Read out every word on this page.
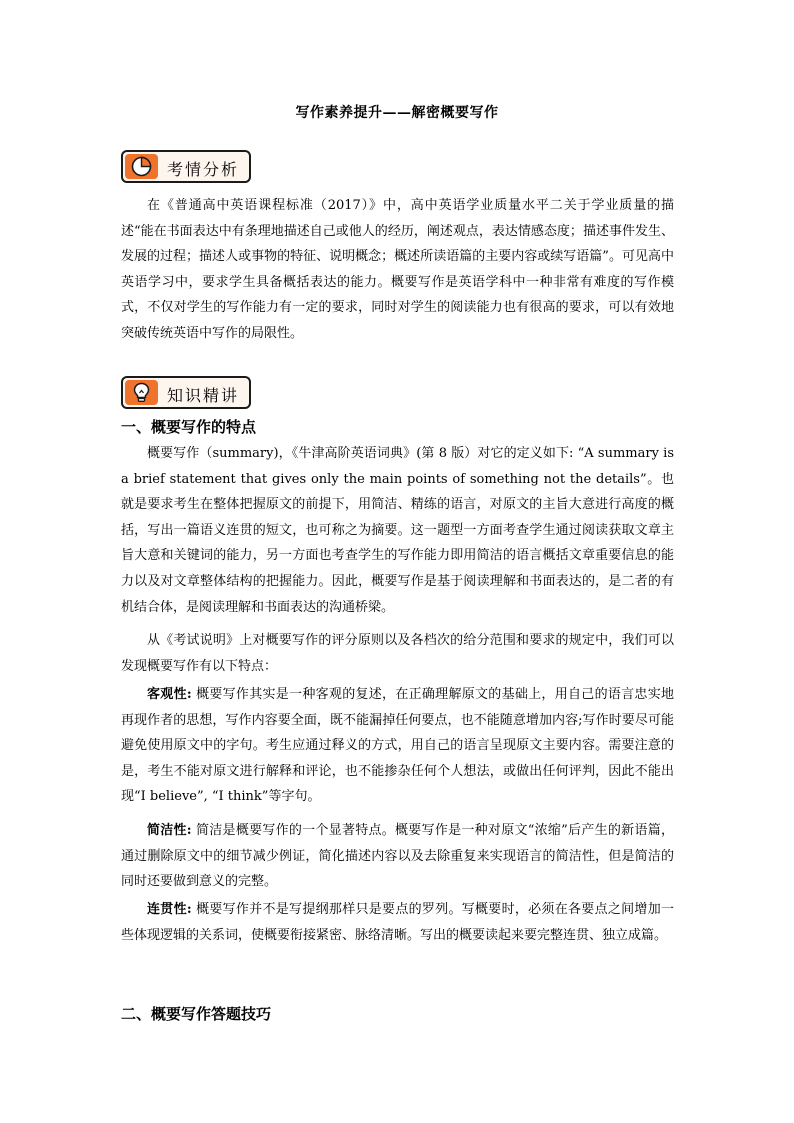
写作素养提升——解密概要写作
考情分析

在《普通高中英语课程标准（2017）》中，高中英语学业质量水平二关于学业质量的描述“能在书面表达中有条理地描述自己或他人的经历，阐述观点，表达情感态度；描述事件发生、发展的过程；描述人或事物的特征、说明概念；概述所读语篇的主要内容或续写语篇”。可见高中英语学习中，要求学生具备概括表达的能力。概要写作是英语学科中一种非常有难度的写作模式，不仅对学生的写作能力有一定的要求，同时对学生的阅读能力也有很高的要求，可以有效地突破传统英语中写作的局限性。

知识精讲
一、概要写作的特点

概要写作（summary)，《牛津高阶英语词典》(第 8 版）对它的定义如下: “A summary is a brief statement that gives only the main points of something not the details”。也就是要求考生在整体把握原文的前提下，用简洁、精练的语言，对原文的主旨大意进行高度的概括，写出一篇语义连贯的短文，也可称之为摘要。这一题型一方面考查学生通过阅读获取文章主旨大意和关键词的能力，另一方面也考查学生的写作能力即用简洁的语言概括文章重要信息的能力以及对文章整体结构的把握能力。因此，概要写作是基于阅读理解和书面表达的，是二者的有机结合体，是阅读理解和书面表达的沟通桥梁。

从《考试说明》上对概要写作的评分原则以及各档次的给分范围和要求的规定中，我们可以发现概要写作有以下特点：

客观性: 概要写作其实是一种客观的复述，在正确理解原文的基础上，用自己的语言忠实地再现作者的思想，写作内容要全面，既不能漏掉任何要点，也不能随意增加内容;写作时要尽可能避免使用原文中的字句。考生应通过释义的方式，用自己的语言呈现原文主要内容。需要注意的是，考生不能对原文进行解释和评论，也不能掺杂任何个人想法，或做出任何评判，因此不能出现“I believe”, “I think”等字句。

简洁性: 简洁是概要写作的一个显著特点。概要写作是一种对原文“浓缩”后产生的新语篇，通过删除原文中的细节减少例证，简化描述内容以及去除重复来实现语言的简洁性，但是简洁的同时还要做到意义的完整。

连贯性: 概要写作并不是写提纲那样只是要点的罗列。写概要时，必须在各要点之间增加一些体现逻辑的关系词，使概要衔接紧密、脉络清晰。写出的概要读起来要完整连贯、独立成篇。

二、概要写作答题技巧
